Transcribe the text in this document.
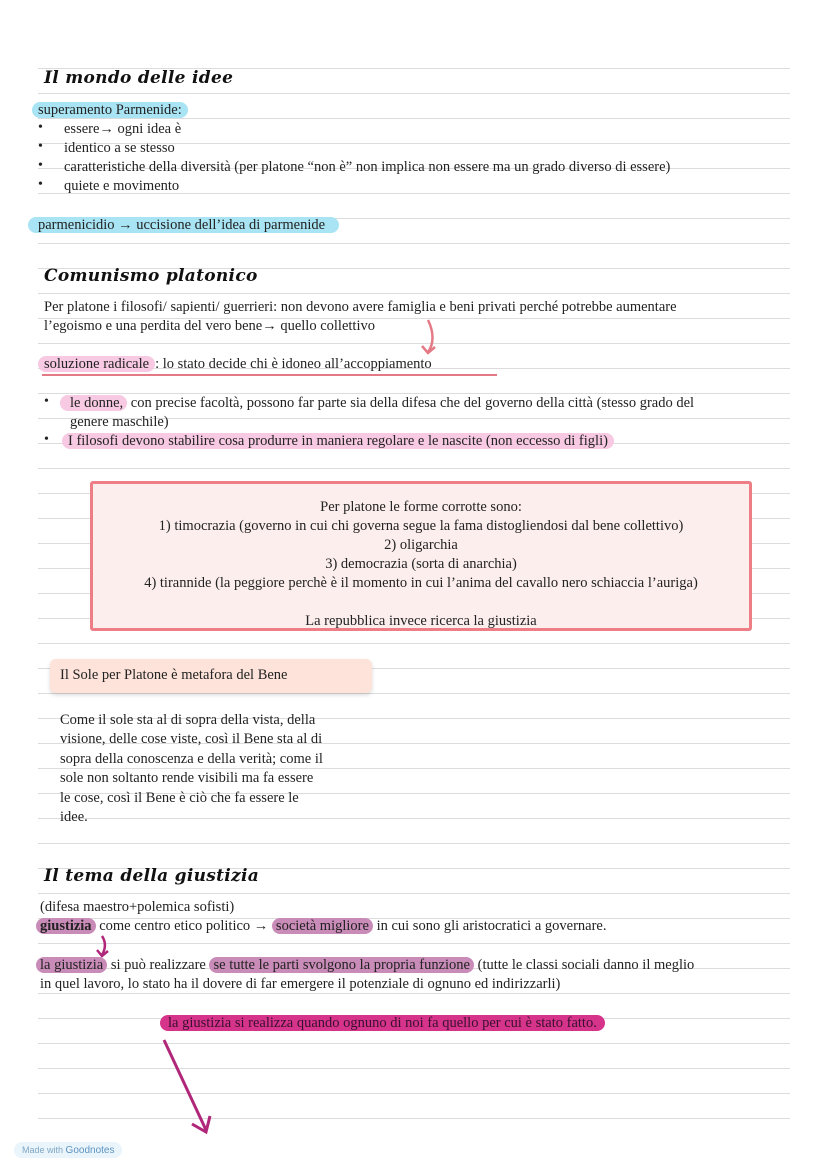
Il mondo delle idee
superamento Parmenide:
• essere→ ogni idea è
• identico a se stesso
• caratteristiche della diversità (per platone “non è” non implica non essere ma un grado diverso di essere)
• quiete e movimento
parmenicidio → uccisione dell’idea di parmenide
Comunismo platonico
Per platone i filosofi/ sapienti/ guerrieri: non devono avere famiglia e beni privati perché potrebbe aumentare
l’egoismo e una perdita del vero bene→ quello collettivo
soluzione radicale : lo stato decide chi è idoneo all’accoppiamento
•	le donne, con precise facoltà, possono far parte sia della difesa che del governo della città (stesso grado del
genere maschile)
•	I filosofi devono stabilire cosa produrre in maniera regolare e le nascite (non eccesso di figli)
Per platone le forme corrotte sono:
1) timocrazia (governo in cui chi governa segue la fama distogliendosi dal bene collettivo)
2) oligarchia
3) democrazia (sorta di anarchia)
4) tirannide (la peggiore perchè è il momento in cui l’anima del cavallo nero schiaccia l’auriga)
La repubblica invece ricerca la giustizia
Il Sole per Platone è metafora del Bene
Come il sole sta al di sopra della vista, della
visione, delle cose viste, così il Bene sta al di
sopra della conoscenza e della verità; come il
sole non soltanto rende visibili ma fa essere
le cose, così il Bene è ciò che fa essere le
idee.
Il tema della giustizia
(difesa maestro+polemica sofisti)
giustizia come centro etico politico → società migliore in cui sono gli aristocratici a governare.
la giustizia si può realizzare se tutte le parti svolgono la propria funzione (tutte le classi sociali danno il meglio
in quel lavoro, lo stato ha il dovere di far emergere il potenziale di ognuno ed indirizzarli)
la giustizia si realizza quando ognuno di noi fa quello per cui è stato fatto.
Made with Goodnotes
